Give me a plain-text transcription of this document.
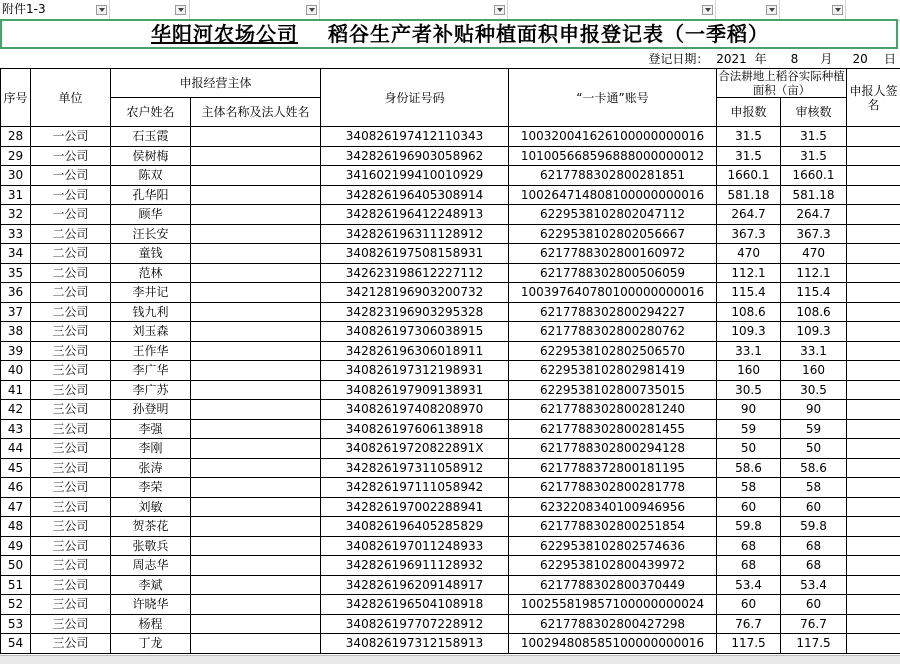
附件1-3
华阳河农场公司 稻谷生产者补贴种植面积申报登记表（一季稻）
登记日期： 2021 年 8 月 20 日
序号	单位	申报经营主体		身份证号码	“一卡通”账号	合法耕地上稻谷实际种植面积（亩）		申报人签名
		农户姓名	主体名称及法人姓名			申报数	审核数	
28	一公司	石玉霞		340826197412110343	100320041626100000000016	31.5	31.5	
29	一公司	侯树梅		342826196903058962	101005668596888000000012	31.5	31.5	
30	一公司	陈双		341602199410010929	6217788302800281851	1660.1	1660.1	
31	一公司	孔华阳		342826196405308914	100264714808100000000016	581.18	581.18	
32	一公司	顾华		342826196412248913	6229538102802047112	264.7	264.7	
33	二公司	汪长安		342826196311128912	6229538102802056667	367.3	367.3	
34	二公司	童钱		340826197508158931	6217788302800160972	470	470	
35	二公司	范林		342623198612227112	6217788302800506059	112.1	112.1	
36	二公司	李井记		342128196903200732	100397640780100000000016	115.4	115.4	
37	二公司	钱九利		342823196903295328	6217788302800294227	108.6	108.6	
38	三公司	刘玉森		340826197306038915	6217788302800280762	109.3	109.3	
39	三公司	王作华		342826196306018911	6229538102802506570	33.1	33.1	
40	三公司	李广华		340826197312198931	6229538102802981419	160	160	
41	三公司	李广苏		340826197909138931	6229538102800735015	30.5	30.5	
42	三公司	孙登明		340826197408208970	6217788302800281240	90	90	
43	三公司	李强		340826197606138918	6217788302800281455	59	59	
44	三公司	李刚		34082619720822891X	6217788302800294128	50	50	
45	三公司	张涛		342826197311058912	6217788372800181195	58.6	58.6	
46	三公司	李荣		342826197111058942	6217788302800281778	58	58	
47	三公司	刘敏		342826197002288941	6232208340100946956	60	60	
48	三公司	贺茶花		340826196405285829	6217788302800251854	59.8	59.8	
49	三公司	张敬兵		340826197011248933	6229538102802574636	68	68	
50	三公司	周志华		342826196911128932	6229538102800439972	68	68	
51	三公司	李斌		342826196209148917	6217788302800370449	53.4	53.4	
52	三公司	许晓华		342826196504108918	100255819857100000000024	60	60	
53	三公司	杨程		340826197707228912	6217788302800427298	76.7	76.7	
54	三公司	丁龙		340826197312158913	100294808585100000000016	117.5	117.5	
